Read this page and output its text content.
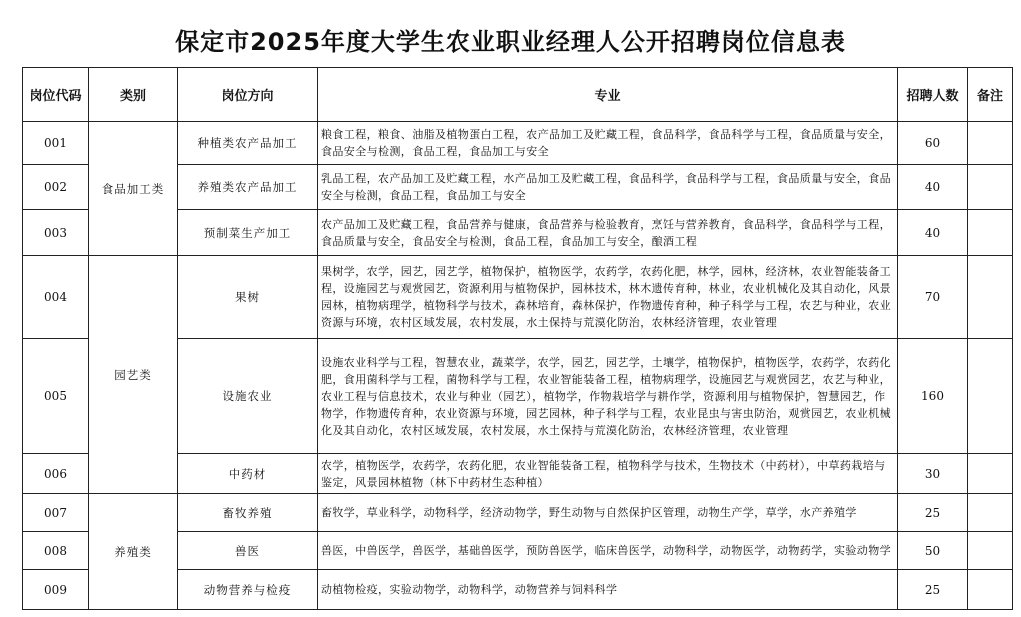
保定市2025年度大学生农业职业经理人公开招聘岗位信息表
岗位代码	类别	岗位方向	专业	招聘人数	备注
001	食品加工类	种植类农产品加工	粮食工程，粮食、油脂及植物蛋白工程，农产品加工及贮藏工程，食品科学，食品科学与工程，食品质量与安全，食品安全与检测，食品工程，食品加工与安全	60	
002		养殖类农产品加工	乳品工程，农产品加工及贮藏工程，水产品加工及贮藏工程，食品科学，食品科学与工程，食品质量与安全，食品安全与检测，食品工程，食品加工与安全	40	
003		预制菜生产加工	农产品加工及贮藏工程，食品营养与健康，食品营养与检验教育，烹饪与营养教育，食品科学，食品科学与工程，食品质量与安全，食品安全与检测，食品工程，食品加工与安全，酿酒工程	40	
004	园艺类	果树	果树学，农学，园艺，园艺学，植物保护，植物医学，农药学，农药化肥，林学，园林，经济林，农业智能装备工程，设施园艺与观赏园艺，资源利用与植物保护，园林技术，林木遗传育种，林业，农业机械化及其自动化，风景园林，植物病理学，植物科学与技术，森林培育，森林保护，作物遗传育种，种子科学与工程，农艺与种业，农业资源与环境，农村区域发展，农村发展，水土保持与荒漠化防治，农林经济管理，农业管理	70	
005		设施农业	设施农业科学与工程，智慧农业，蔬菜学，农学，园艺，园艺学，土壤学，植物保护，植物医学，农药学，农药化肥，食用菌科学与工程，菌物科学与工程，农业智能装备工程，植物病理学，设施园艺与观赏园艺，农艺与种业，农业工程与信息技术，农业与种业（园艺），植物学，作物栽培学与耕作学，资源利用与植物保护，智慧园艺，作物学，作物遗传育种，农业资源与环境，园艺园林，种子科学与工程，农业昆虫与害虫防治，观赏园艺，农业机械化及其自动化，农村区域发展，农村发展，水土保持与荒漠化防治，农林经济管理，农业管理	160	
006		中药材	农学，植物医学，农药学，农药化肥，农业智能装备工程，植物科学与技术，生物技术（中药材），中草药栽培与鉴定，风景园林植物（林下中药材生态种植）	30	
007	养殖类	畜牧养殖	畜牧学，草业科学，动物科学，经济动物学，野生动物与自然保护区管理，动物生产学，草学，水产养殖学	25	
008		兽医	兽医，中兽医学，兽医学，基础兽医学，预防兽医学，临床兽医学，动物科学，动物医学，动物药学，实验动物学	50	
009		动物营养与检疫	动植物检疫，实验动物学，动物科学，动物营养与饲料科学	25	
